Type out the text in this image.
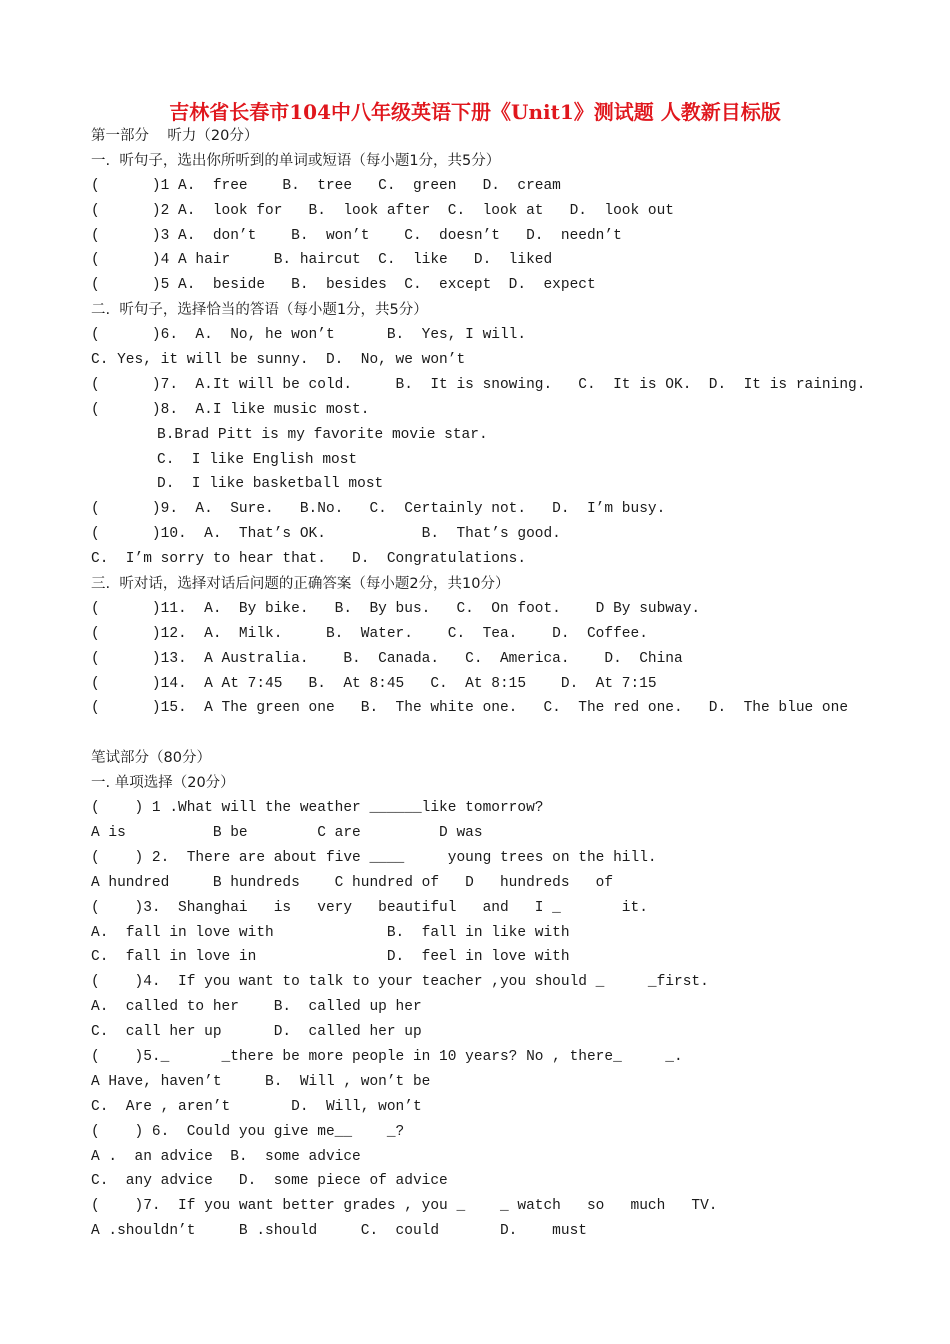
吉林省长春市104中八年级英语下册《Unit1》测试题 人教新目标版
第一部分    听力（20分）
一.  听句子，选出你所听到的单词或短语（每小题1分，共5分）
(      )1 A.  free    B.  tree   C.  green   D.  cream
(      )2 A.  look for   B.  look after  C.  look at   D.  look out
(      )3 A.  don’t    B.  won’t    C.  doesn’t   D.  needn’t
(      )4 A hair     B. haircut  C.  like   D.  liked
(      )5 A.  beside   B.  besides  C.  except  D.  expect
二.  听句子，选择恰当的答语（每小题1分，共5分）
(      )6.  A.  No, he won’t      B.  Yes, I will.
C. Yes, it will be sunny.  D.  No, we won’t
(      )7.  A.It will be cold.     B.  It is snowing.   C.  It is OK.  D.  It is raining.
(      )8.  A.I like music most.
B.Brad Pitt is my favorite movie star.
C.  I like English most
D.  I like basketball most
(      )9.  A.  Sure.   B.No.   C.  Certainly not.   D.  I’m busy.
(      )10.  A.  That’s OK.           B.  That’s good.
C.  I’m sorry to hear that.   D.  Congratulations.
三.  听对话，选择对话后问题的正确答案（每小题2分，共10分）
(      )11.  A.  By bike.   B.  By bus.   C.  On foot.    D By subway.
(      )12.  A.  Milk.     B.  Water.    C.  Tea.    D.  Coffee.
(      )13.  A Australia.    B.  Canada.   C.  America.    D.  China
(      )14.  A At 7:45   B.  At 8:45   C.  At 8:15    D.  At 7:15
(      )15.  A The green one   B.  The white one.   C.  The red one.   D.  The blue one
笔试部分（80分）
一. 单项选择（20分）
(    ) 1 .What will the weather ______like tomorrow?
A is          B be        C are         D was
(    ) 2.  There are about five ____     young trees on the hill.
A hundred     B hundreds    C hundred of   D   hundreds   of
(    )3.  Shanghai   is   very   beautiful   and   I _       it.
A.  fall in love with             B.  fall in like with
C.  fall in love in               D.  feel in love with
(    )4.  If you want to talk to your teacher ,you should _     _first.
A.  called to her    B.  called up her
C.  call her up      D.  called her up
(    )5._      _there be more people in 10 years? No , there_     _.
A Have, haven’t     B.  Will , won’t be
C.  Are , aren’t       D.  Will, won’t
(    ) 6.  Could you give me__    _?
A .  an advice  B.  some advice
C.  any advice   D.  some piece of advice
(    )7.  If you want better grades , you _    _ watch   so   much   TV.
A .shouldn’t     B .should     C.  could       D.    must
